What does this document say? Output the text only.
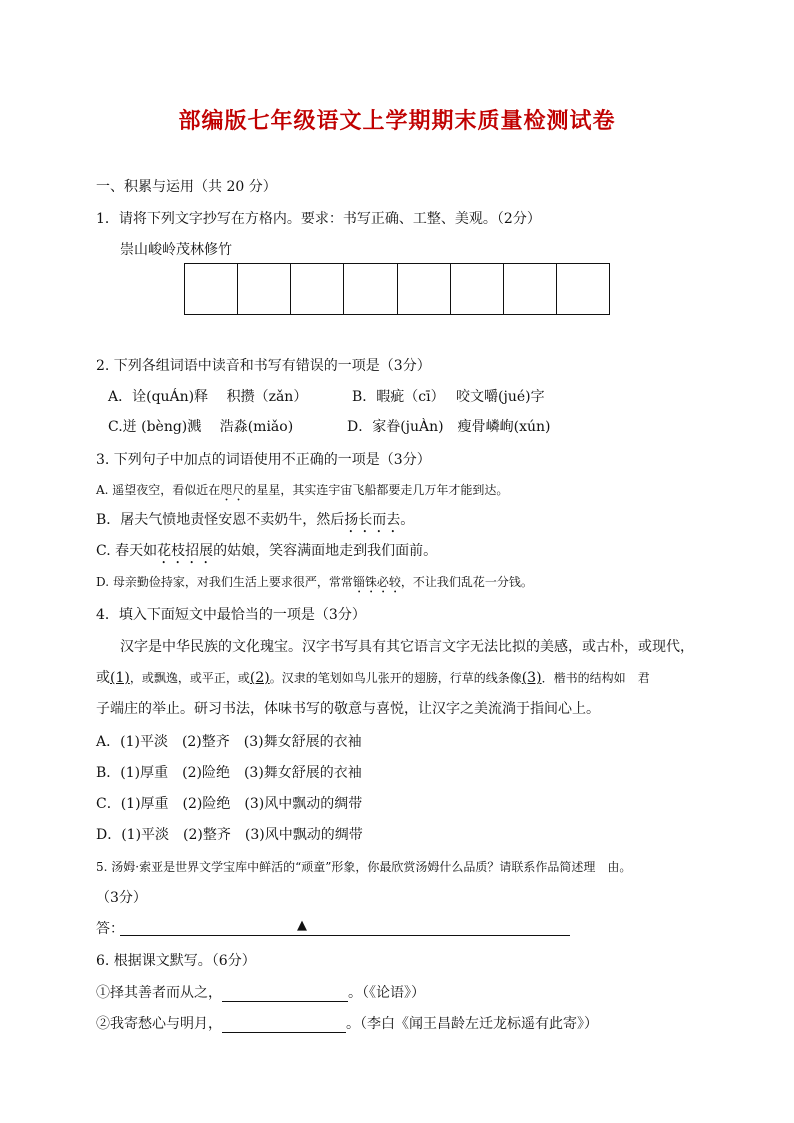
部编版七年级语文上学期期末质量检测试卷
一、积累与运用（共 20 分）
1．请将下列文字抄写在方格内。要求：书写正确、工整、美观。（2分）
崇山峻岭茂林修竹
2. 下列各组词语中读音和书写有错误的一项是（3分）
A．诠(quÁn)释　 积攒（zǎn）	B．暇疵（cī）　 咬文嚼(jué)字
C.迸 (bèng)溅　 浩淼(miǎo)	D．家眷(juÀn)　瘦骨嶙峋(xún)
3. 下列句子中加点的词语使用不正确的一项是（3分）
A. 遥望夜空，看似近在咫尺的星星，其实连宇宙飞船都要走几万年才能到达。
B．屠夫气愤地责怪安恩不卖奶牛，然后扬长而去。
C. 春天如花枝招展的姑娘，笑容满面地走到我们面前。
D. 母亲勤俭持家，对我们生活上要求很严，常常锱铢必较，不让我们乱花一分钱。
4．填入下面短文中最恰当的一项是（3分）
汉字是中华民族的文化瑰宝。汉字书写具有其它语言文字无法比拟的美感，或古朴，或现代，
或(1)，或飘逸，或平正，或(2)。汉隶的笔划如鸟儿张开的翅膀，行草的线条像(3)．楷书的结构如　君
子端庄的举止。研习书法，体味书写的敬意与喜悦，让汉字之美流淌于指间心上。
A．(1)平淡　(2)整齐　(3)舞女舒展的衣袖
B．(1)厚重　(2)险绝　(3)舞女舒展的衣袖
C．(1)厚重　(2)险绝　(3)风中飘动的绸带
D．(1)平淡　(2)整齐　(3)风中飘动的绸带
5. 汤姆·索亚是世界文学宝库中鲜活的“顽童”形象，你最欣赏汤姆什么品质？请联系作品简述理　由。
（3分）
答：	▲
6. 根据课文默写。（6分）
①择其善者而从之，	。（《论语》）
②我寄愁心与明月，	。（李白《闻王昌龄左迁龙标遥有此寄》）
